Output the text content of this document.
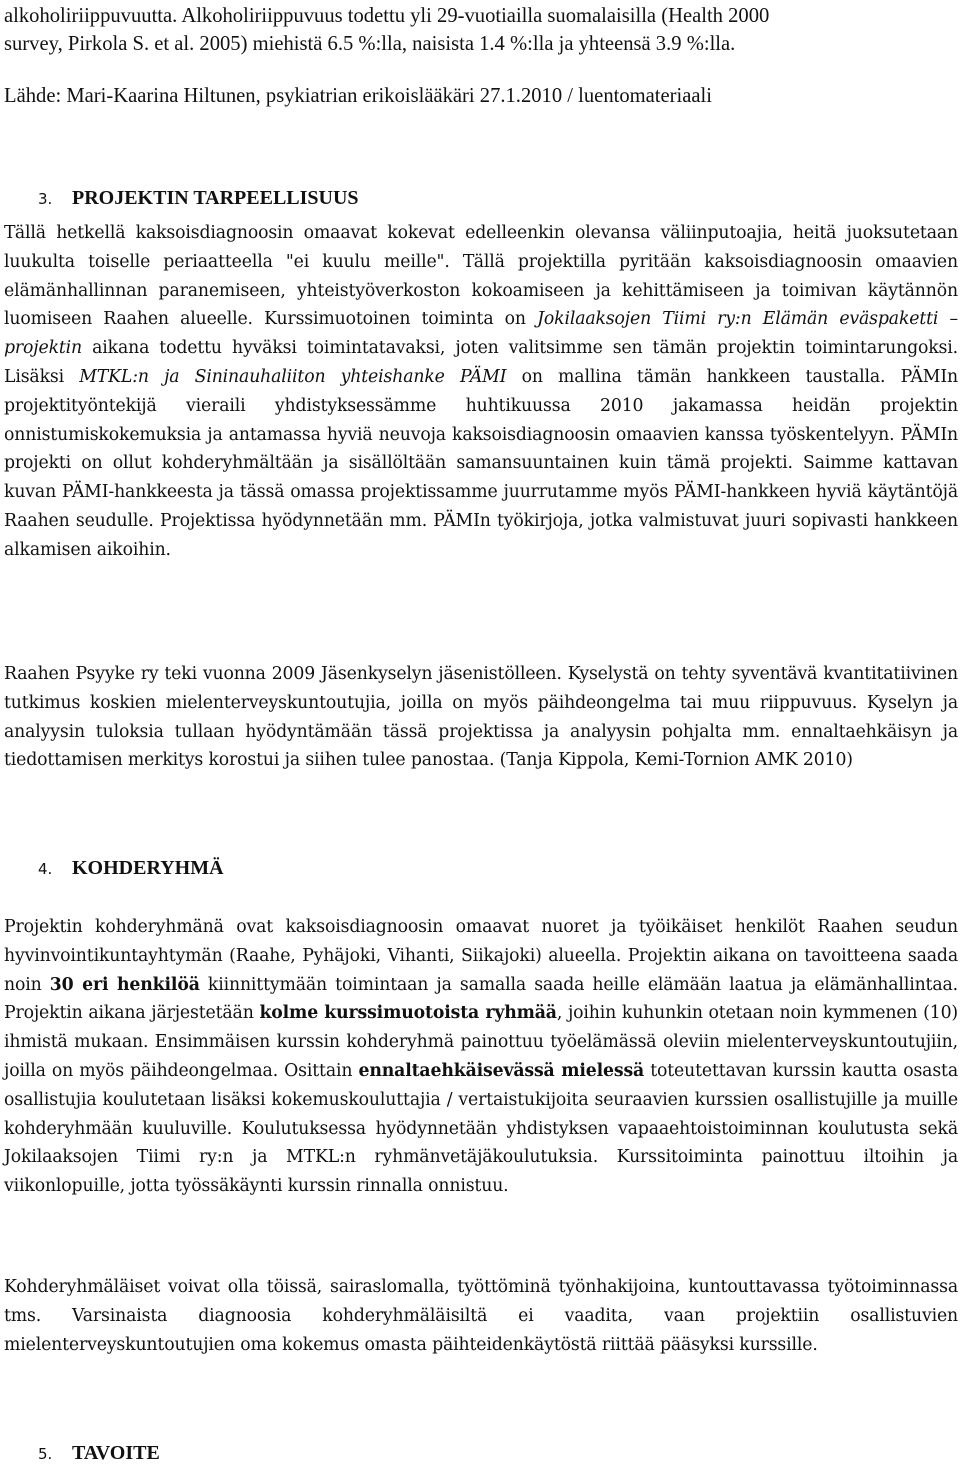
alkoholiriippuvuutta. Alkoholiriippuvuus todettu yli 29-vuotiailla suomalaisilla (Health 2000

survey, Pirkola S. et al. 2005) miehistä 6.5 %:lla, naisista 1.4 %:lla ja yhteensä 3.9 %:lla.

Lähde: Mari-Kaarina Hiltunen, psykiatrian erikoislääkäri 27.1.2010 / luentomateriaali

3. PROJEKTIN TARPEELLISUUS

Tällä hetkellä kaksoisdiagnoosin omaavat kokevat edelleenkin olevansa väliinputoajia, heitä juoksutetaan luukulta toiselle periaatteella "ei kuulu meille". Tällä projektilla pyritään kaksoisdiagnoosin omaavien elämänhallinnan paranemiseen, yhteistyöverkoston kokoamiseen ja kehittämiseen ja toimivan käytännön luomiseen Raahen alueelle. Kurssimuotoinen toiminta on Jokilaaksojen Tiimi ry:n Elämän eväspaketti –projektin aikana todettu hyväksi toimintatavaksi, joten valitsimme sen tämän projektin toimintarungoksi. Lisäksi MTKL:n ja Sininauhaliiton yhteishanke PÄMI on mallina tämän hankkeen taustalla. PÄMIn projektityöntekijä vieraili yhdistyksessämme huhtikuussa 2010 jakamassa heidän projektin onnistumiskokemuksia ja antamassa hyviä neuvoja kaksoisdiagnoosin omaavien kanssa työskentelyyn. PÄMIn projekti on ollut kohderyhmältään ja sisällöltään samansuuntainen kuin tämä projekti. Saimme kattavan kuvan PÄMI-hankkeesta ja tässä omassa projektissamme juurrutamme myös PÄMI-hankkeen hyviä käytäntöjä Raahen seudulle. Projektissa hyödynnetään mm. PÄMIn työkirjoja, jotka valmistuvat juuri sopivasti hankkeen alkamisen aikoihin.

Raahen Psyyke ry teki vuonna 2009 Jäsenkyselyn jäsenistölleen. Kyselystä on tehty syventävä kvantitatiivinen tutkimus koskien mielenterveyskuntoutujia, joilla on myös päihdeongelma tai muu riippuvuus. Kyselyn ja analyysin tuloksia tullaan hyödyntämään tässä projektissa ja analyysin pohjalta mm. ennaltaehkäisyn ja tiedottamisen merkitys korostui ja siihen tulee panostaa. (Tanja Kippola, Kemi-Tornion AMK 2010)

4. KOHDERYHMÄ

Projektin kohderyhmänä ovat kaksoisdiagnoosin omaavat nuoret ja työikäiset henkilöt Raahen seudun hyvinvointikuntayhtymän (Raahe, Pyhäjoki, Vihanti, Siikajoki) alueella. Projektin aikana on tavoitteena saada noin 30 eri henkilöä kiinnittymään toimintaan ja samalla saada heille elämään laatua ja elämänhallintaa. Projektin aikana järjestetään kolme kurssimuotoista ryhmää, joihin kuhunkin otetaan noin kymmenen (10) ihmistä mukaan. Ensimmäisen kurssin kohderyhmä painottuu työelämässä oleviin mielenterveyskuntoutujiin, joilla on myös päihdeongelmaa. Osittain ennaltaehkäisevässä mielessä toteutettavan kurssin kautta osasta osallistujia koulutetaan lisäksi kokemuskouluttajia / vertaistukijoita seuraavien kurssien osallistujille ja muille kohderyhmään kuuluville. Koulutuksessa hyödynnetään yhdistyksen vapaaehtoistoiminnan koulutusta sekä Jokilaaksojen Tiimi ry:n ja MTKL:n ryhmänvetäjäkoulutuksia. Kurssitoiminta painottuu iltoihin ja viikonlopuille, jotta työssäkäynti kurssin rinnalla onnistuu.

Kohderyhmäläiset voivat olla töissä, sairaslomalla, työttöminä työnhakijoina, kuntouttavassa työtoiminnassa tms. Varsinaista diagnoosia kohderyhmäläisiltä ei vaadita, vaan projektiin osallistuvien mielenterveyskuntoutujien oma kokemus omasta päihteidenkäytöstä riittää pääsyksi kurssille.

5. TAVOITE
